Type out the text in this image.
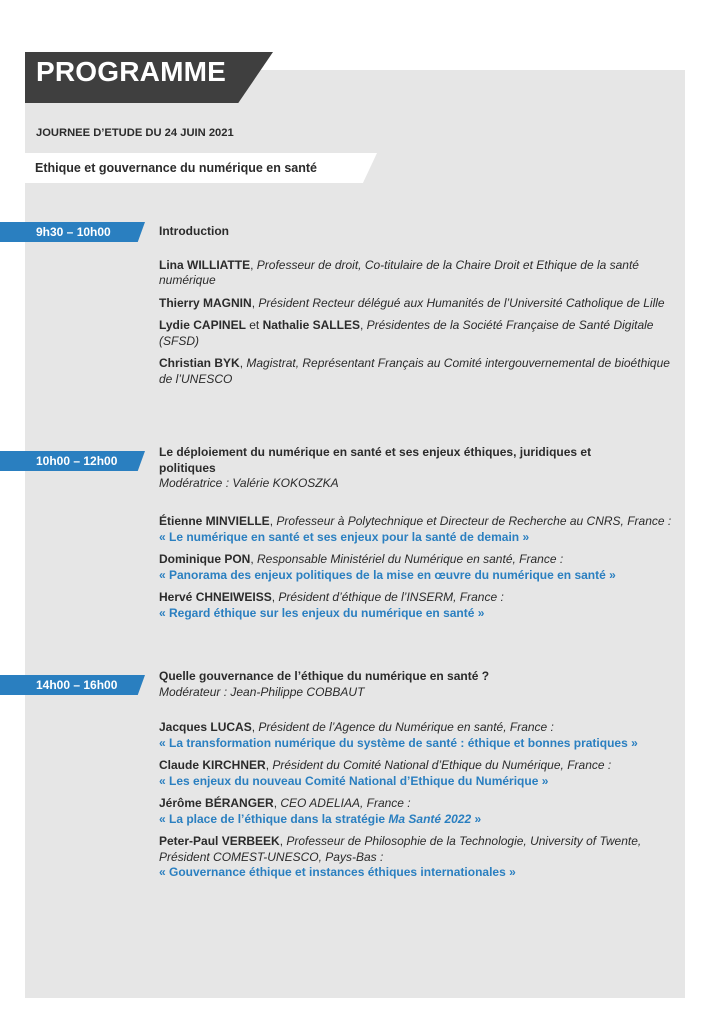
PROGRAMME
JOURNEE D’ETUDE DU 24 JUIN 2021
Ethique et gouvernance du numérique en santé
9h30 – 10h00	Introduction
Lina WILLIATTE, Professeur de droit, Co-titulaire de la Chaire Droit et Ethique de la santé numérique
Thierry MAGNIN, Président Recteur délégué aux Humanités de l’Université Catholique de Lille
Lydie CAPINEL et Nathalie SALLES, Présidentes de la Société Française de Santé Digitale (SFSD)
Christian BYK, Magistrat, Représentant Français au Comité intergouvernemental de bioéthique de l’UNESCO
10h00 – 12h00
Le déploiement du numérique en santé et ses enjeux éthiques, juridiques et politiques
Modératrice : Valérie KOKOSZKA
Étienne MINVIELLE, Professeur à Polytechnique et Directeur de Recherche au CNRS, France : « Le numérique en santé et ses enjeux pour la santé de demain »
Dominique PON, Responsable Ministériel du Numérique en santé, France :
« Panorama des enjeux politiques de la mise en œuvre du numérique en santé »
Hervé CHNEIWEISS, Président d’éthique de l’INSERM, France :
« Regard éthique sur les enjeux du numérique en santé »
14h00 – 16h00
Quelle gouvernance de l’éthique du numérique en santé ?
Modérateur : Jean-Philippe COBBAUT
Jacques LUCAS, Président de l’Agence du Numérique en santé, France :
« La transformation numérique du système de santé : éthique et bonnes pratiques »
Claude KIRCHNER, Président du Comité National d’Ethique du Numérique, France :
« Les enjeux du nouveau Comité National d’Ethique du Numérique »
Jérôme BÉRANGER, CEO ADELIAA, France :
« La place de l’éthique dans la stratégie Ma Santé 2022 »
Peter-Paul VERBEEK, Professeur de Philosophie de la Technologie, University of Twente, Président COMEST-UNESCO, Pays-Bas :
« Gouvernance éthique et instances éthiques internationales »
